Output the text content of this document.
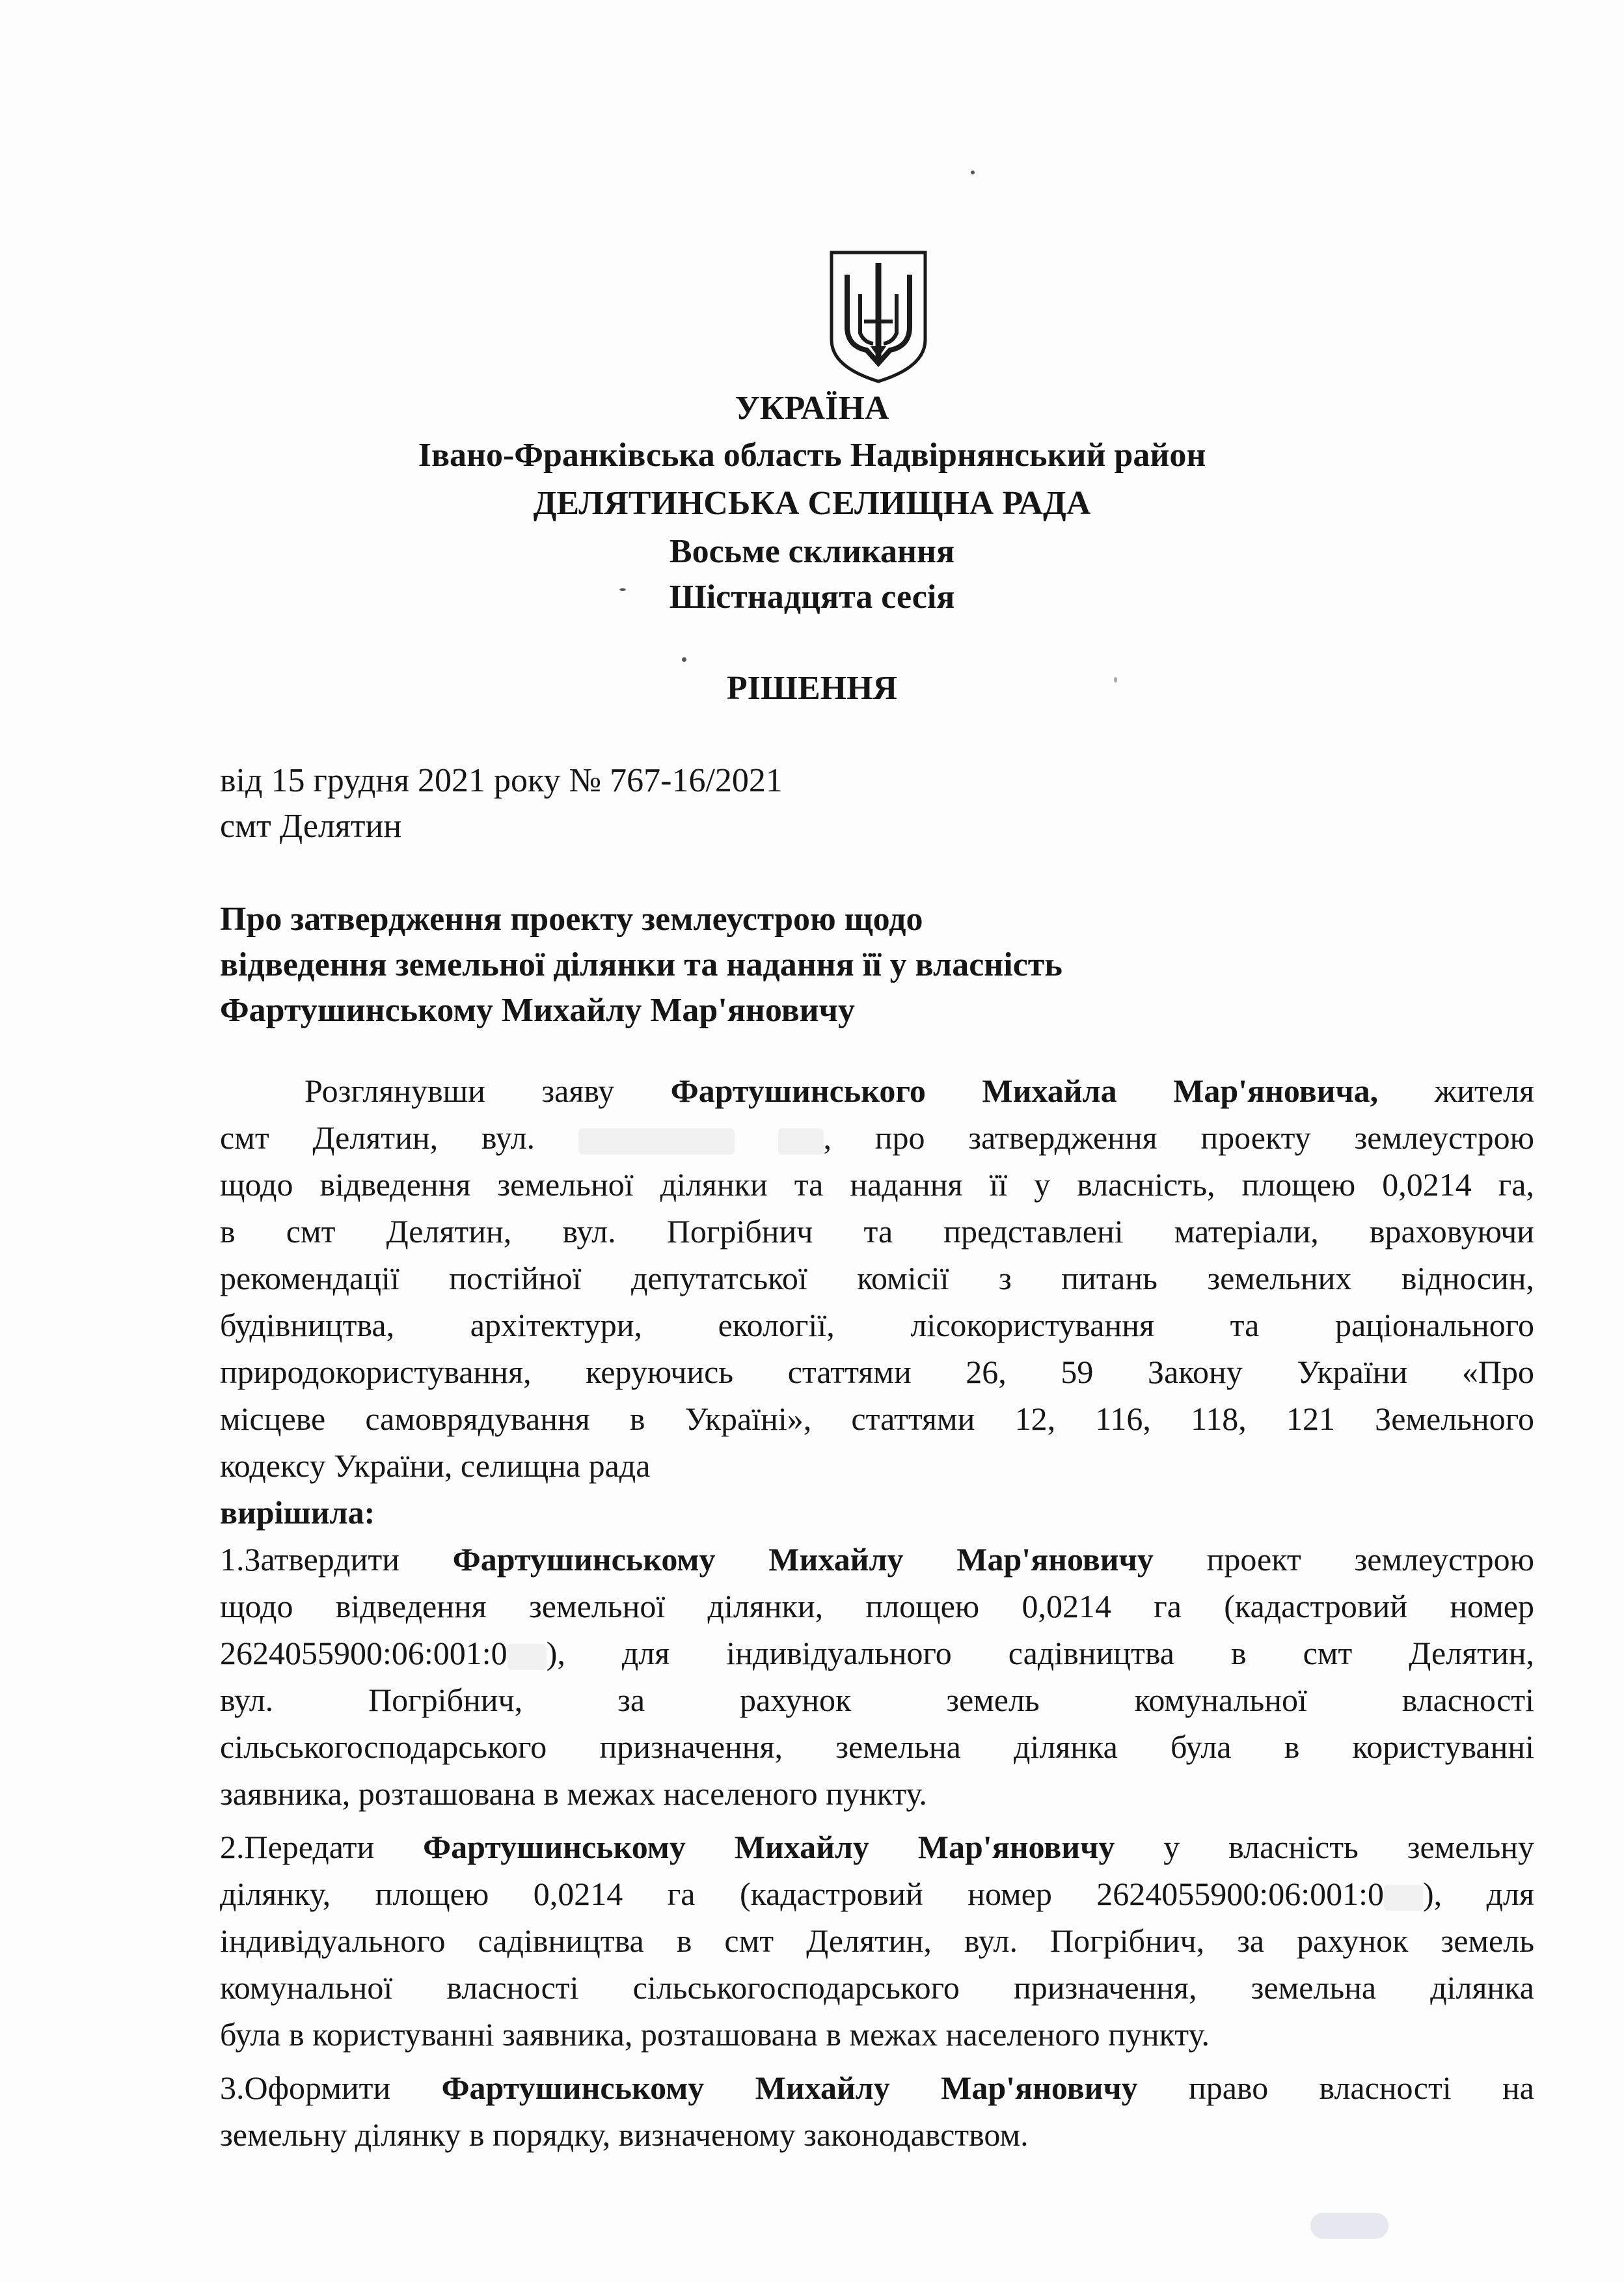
УКРАЇНА
Івано-Франківська область Надвірнянський район
ДЕЛЯТИНСЬКА СЕЛИЩНА РАДА
Восьме скликання
Шістнадцята сесія
РІШЕННЯ
від 15 грудня 2021 року № 767-16/2021
смт Делятин
Про затвердження проекту землеустрою щодо
відведення земельної ділянки та надання її у власність
Фартушинському Михайлу Мар'яновичу
Розглянувши заяву Фартушинського Михайла Мар'яновича, жителя
смт Делятин, вул.	, про затвердження проекту землеустрою
щодо відведення земельної ділянки та надання її у власність, площею 0,0214 га,
в смт Делятин, вул. Погрібнич та представлені матеріали, враховуючи
рекомендації постійної депутатської комісії з питань земельних відносин,
будівництва, архітектури, екології, лісокористування та раціонального
природокористування, керуючись статтями 26, 59 Закону України «Про
місцеве самоврядування в Україні», статтями 12, 116, 118, 121 Земельного
кодексу України, селищна рада
вирішила:
1.Затвердити Фартушинському Михайлу Мар'яновичу проект землеустрою
щодо відведення земельної ділянки, площею 0,0214 га (кадастровий номер
2624055900:06:001:0 ), для індивідуального садівництва в смт Делятин,
вул. Погрібнич, за рахунок земель комунальної власності
сільськогосподарського призначення, земельна ділянка була в користуванні
заявника, розташована в межах населеного пункту.
2.Передати Фартушинському Михайлу Мар'яновичу у власність земельну
ділянку, площею 0,0214 га (кадастровий номер 2624055900:06:001:0 ), для
індивідуального садівництва в смт Делятин, вул. Погрібнич, за рахунок земель
комунальної власності сільськогосподарського призначення, земельна ділянка
була в користуванні заявника, розташована в межах населеного пункту.
3.Оформити Фартушинському Михайлу Мар'яновичу право власності на
земельну ділянку в порядку, визначеному законодавством.
